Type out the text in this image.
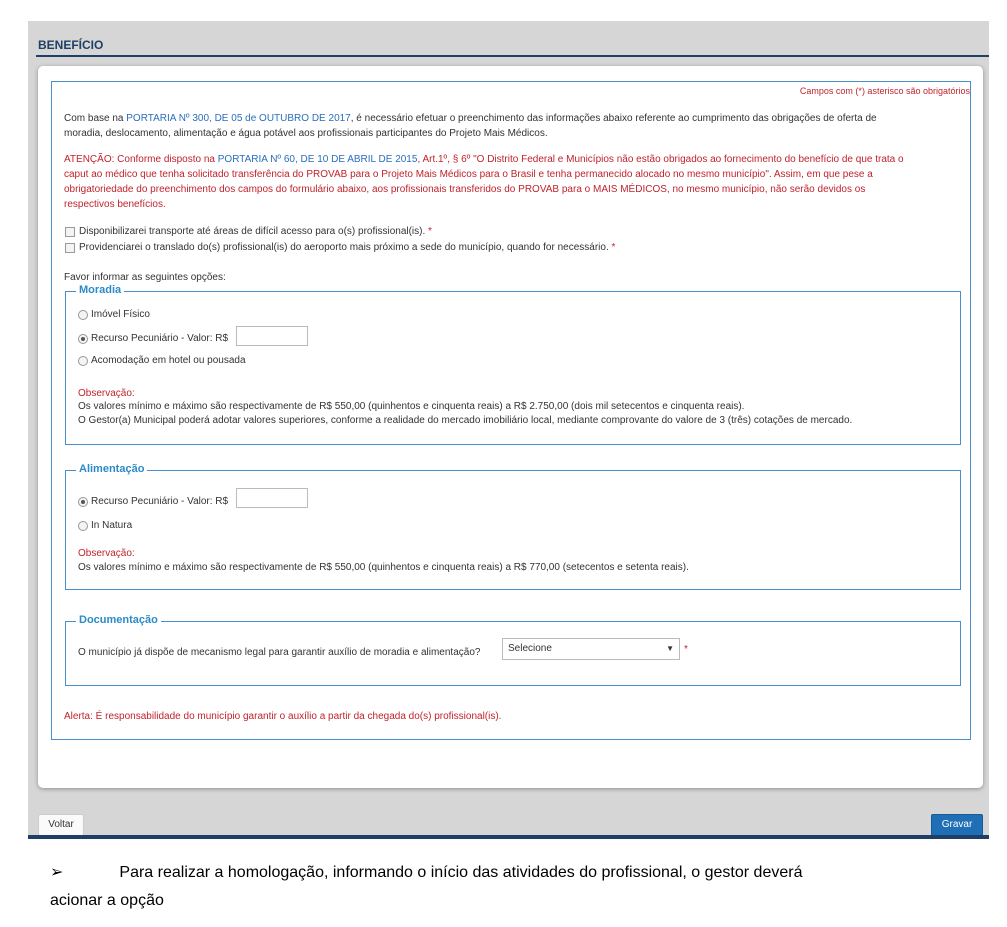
BENEFÍCIO
Campos com (*) asterisco são obrigatórios
Com base na PORTARIA Nº 300, DE 05 de OUTUBRO DE 2017, é necessário efetuar o preenchimento das informações abaixo referente ao cumprimento das obrigações de oferta de
moradia, deslocamento, alimentação e água potável aos profissionais participantes do Projeto Mais Médicos.
ATENÇÃO: Conforme disposto na PORTARIA Nº 60, DE 10 DE ABRIL DE 2015, Art.1º, § 6º "O Distrito Federal e Municípios não estão obrigados ao fornecimento do benefício de que trata o
caput ao médico que tenha solicitado transferência do PROVAB para o Projeto Mais Médicos para o Brasil e tenha permanecido alocado no mesmo município". Assim, em que pese a
obrigatoriedade do preenchimento dos campos do formulário abaixo, aos profissionais transferidos do PROVAB para o MAIS MÉDICOS, no mesmo município, não serão devidos os
respectivos benefícios.
Disponibilizarei transporte até áreas de difícil acesso para o(s) profissional(is). *
Providenciarei o translado do(s) profissional(is) do aeroporto mais próximo a sede do município, quando for necessário. *
Favor informar as seguintes opções:
Moradia
Imóvel Físico
Recurso Pecuniário - Valor: R$
Acomodação em hotel ou pousada
Observação:
Os valores mínimo e máximo são respectivamente de R$ 550,00 (quinhentos e cinquenta reais) a R$ 2.750,00 (dois mil setecentos e cinquenta reais).
O Gestor(a) Municipal poderá adotar valores superiores, conforme a realidade do mercado imobiliário local, mediante comprovante do valore de 3 (três) cotações de mercado.
Alimentação
Recurso Pecuniário - Valor: R$
In Natura
Observação:
Os valores mínimo e máximo são respectivamente de R$ 550,00 (quinhentos e cinquenta reais) a R$ 770,00 (setecentos e setenta reais).
Documentação
O município já dispõe de mecanismo legal para garantir auxílio de moradia e alimentação?	Selecione	▼ *
Alerta: É responsabilidade do município garantir o auxílio a partir da chegada do(s) profissional(is).
Voltar	Gravar
➢	Para realizar a homologação, informando o início das atividades do profissional, o gestor deverá
acionar a opção
